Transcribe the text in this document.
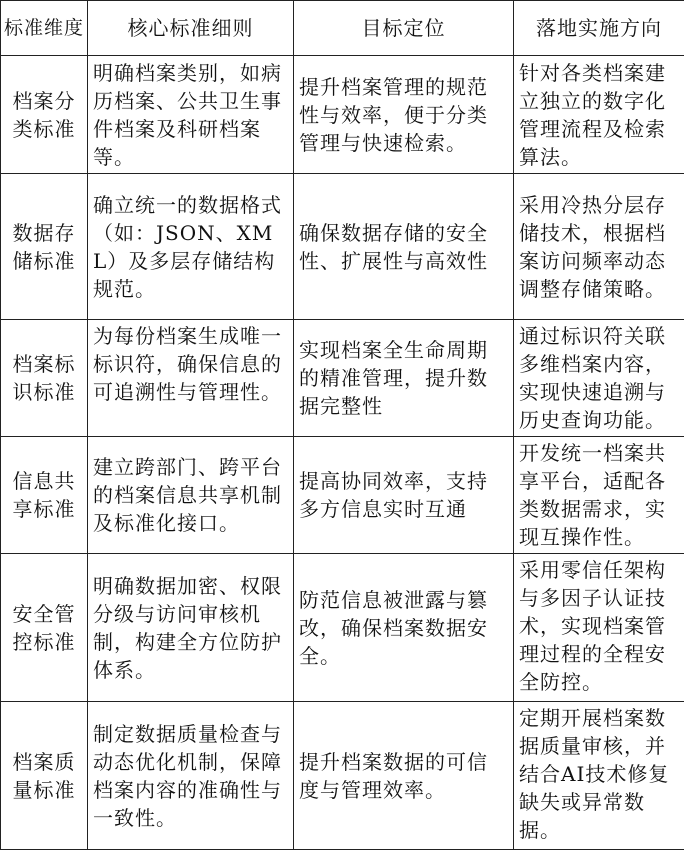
标准维度	核心标准细则	目标定位	落地实施方向
档案分类标准	明确档案类别，如病历档案、公共卫生事件档案及科研档案等。	提升档案管理的规范性与效率，便于分类管理与快速检索。	针对各类档案建立独立的数字化管理流程及检索算法。
数据存储标准	确立统一的数据格式（如：JSON、XML）及多层存储结构规范。	确保数据存储的安全性、扩展性与高效性	采用冷热分层存储技术，根据档案访问频率动态调整存储策略。
档案标识标准	为每份档案生成唯一标识符，确保信息的可追溯性与管理性。	实现档案全生命周期的精准管理，提升数据完整性	通过标识符关联多维档案内容，实现快速追溯与历史查询功能。
信息共享标准	建立跨部门、跨平台的档案信息共享机制及标准化接口。	提高协同效率，支持多方信息实时互通	开发统一档案共享平台，适配各类数据需求，实现互操作性。
安全管控标准	明确数据加密、权限分级与访问审核机制，构建全方位防护体系。	防范信息被泄露与篡改，确保档案数据安全。	采用零信任架构与多因子认证技术，实现档案管理过程的全程安全防控。
档案质量标准	制定数据质量检查与动态优化机制，保障档案内容的准确性与一致性。	提升档案数据的可信度与管理效率。	定期开展档案数据质量审核，并结合AI技术修复缺失或异常数据。
